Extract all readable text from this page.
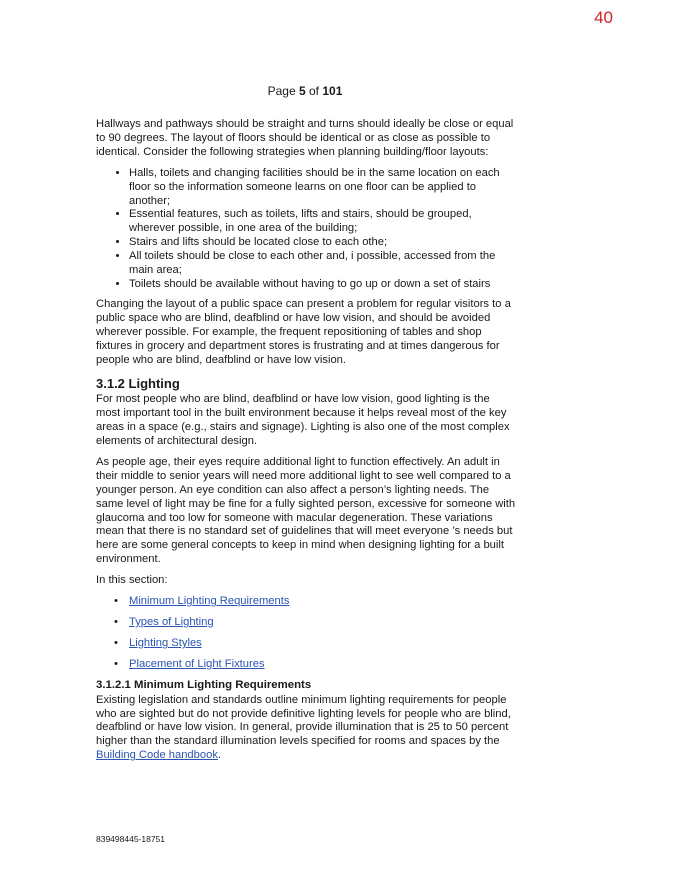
40
Page 5 of 101

Hallways and pathways should be straight and turns should ideally be close or equal to 90 degrees. The layout of floors should be identical or as close as possible to identical. Consider the following strategies when planning building/floor layouts:

• Halls, toilets and changing facilities should be in the same location on each floor so the information someone learns on one floor can be applied to another;
• Essential features, such as toilets, lifts and stairs, should be grouped, wherever possible, in one area of the building;
• Stairs and lifts should be located close to each othe;
• All toilets should be close to each other and, i possible, accessed from the main area;
• Toilets should be available without having to go up or down a set of stairs

Changing the layout of a public space can present a problem for regular visitors to a public space who are blind, deafblind or have low vision, and should be avoided wherever possible. For example, the frequent repositioning of tables and shop fixtures in grocery and department stores is frustrating and at times dangerous for people who are blind, deafblind or have low vision.

3.1.2 Lighting

For most people who are blind, deafblind or have low vision, good lighting is the most important tool in the built environment because it helps reveal most of the key areas in a space (e.g., stairs and signage). Lighting is also one of the most complex elements of architectural design.

As people age, their eyes require additional light to function effectively. An adult in their middle to senior years will need more additional light to see well compared to a younger person. An eye condition can also affect a person’s lighting needs. The same level of light may be fine for a fully sighted person, excessive for someone with glaucoma and too low for someone with macular degeneration. These variations mean that there is no standard set of guidelines that will meet everyone ’s needs but here are some general concepts to keep in mind when designing lighting for a built environment.

In this section:

• Minimum Lighting Requirements
• Types of Lighting
• Lighting Styles
• Placement of Light Fixtures
3.1.2.1 Minimum Lighting Requirements

Existing legislation and standards outline minimum lighting requirements for people who are sighted but do not provide definitive lighting levels for people who are blind, deafblind or have low vision. In general, provide illumination that is 25 to 50 percent higher than the standard illumination levels specified for rooms and spaces by the Building Code handbook.

839498445-18751
